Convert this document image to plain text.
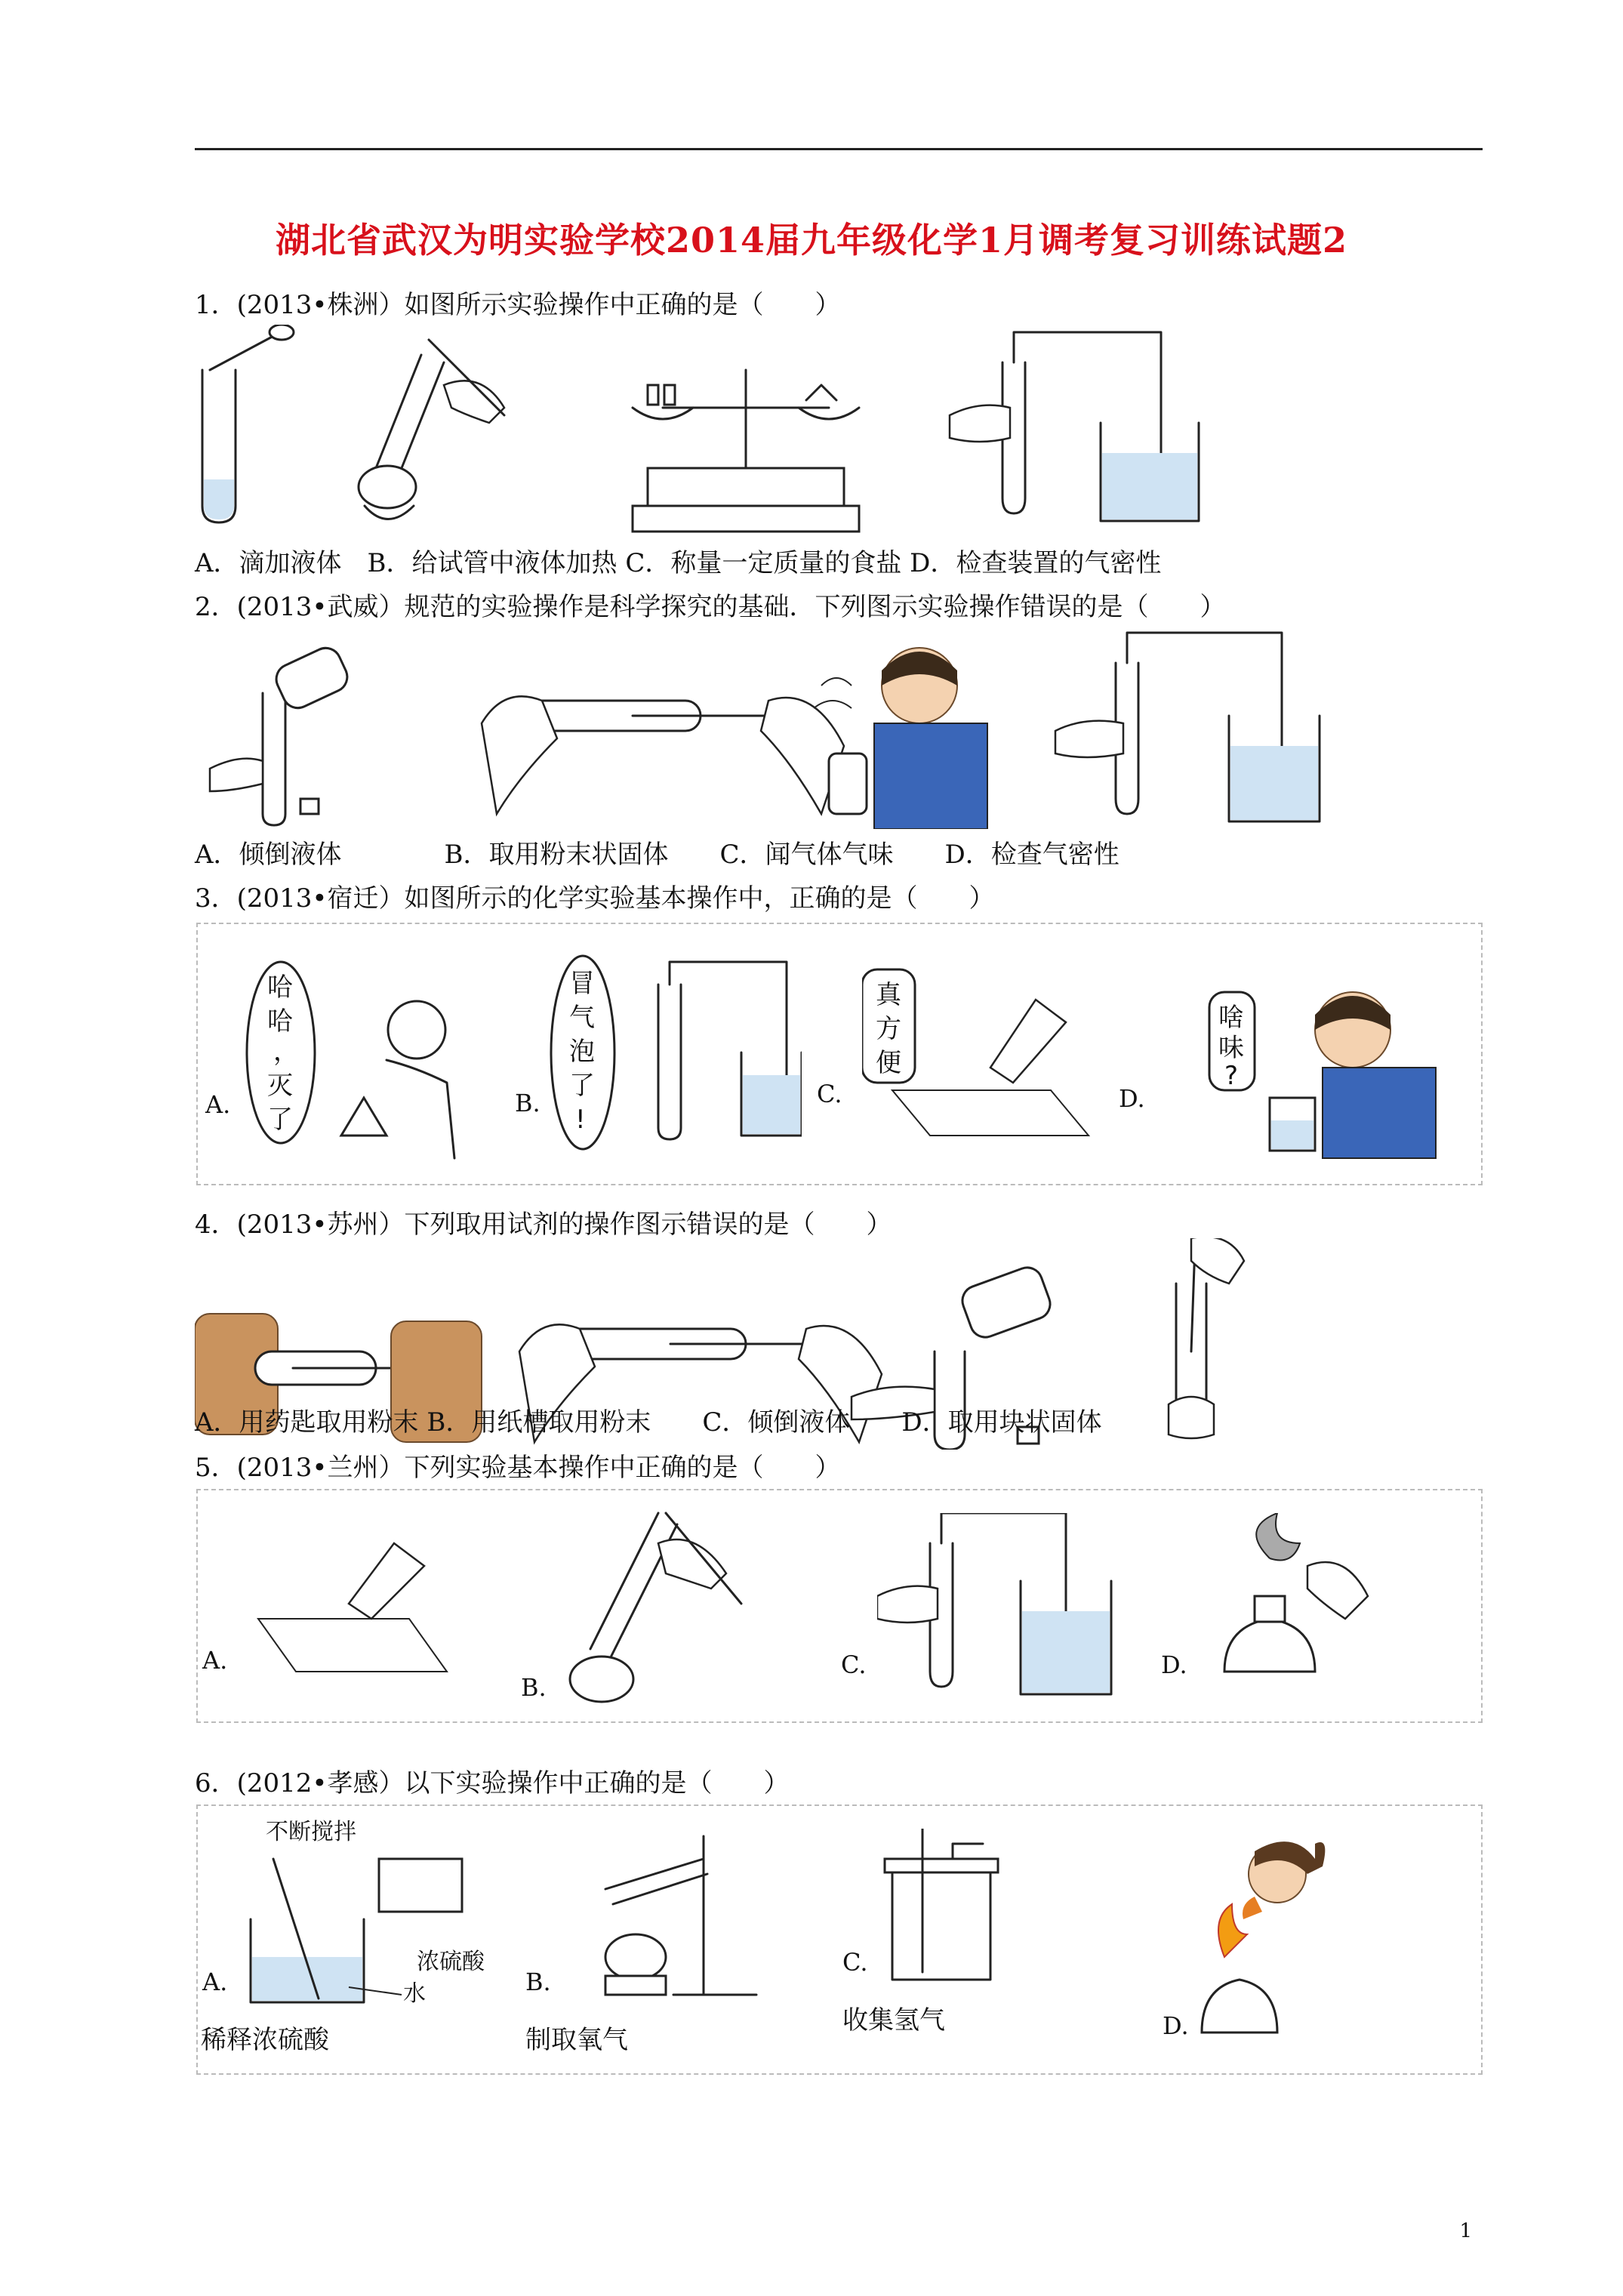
湖北省武汉为明实验学校2014届九年级化学1月调考复习训练试题2
1．(2013•株洲）如图所示实验操作中正确的是（　　）
A．滴加液体　B．给试管中液体加热 C．称量一定质量的食盐 D．检查装置的气密性
2．(2013•武威）规范的实验操作是科学探究的基础．下列图示实验操作错误的是（　　）
A．倾倒液体　　　　B．取用粉末状固体　　C．闻气体气味　　D．检查气密性
3．(2013•宿迁）如图所示的化学实验基本操作中，正确的是（　　）
A.	B.	C.	D.
哈
哈
，
灭
了
冒
气
泡
了
!
真
方
便
啥
味
?
4．(2013•苏州）下列取用试剂的操作图示错误的是（　　）
A．用药匙取用粉末 B．用纸槽取用粉末　　C．倾倒液体　　D．取用块状固体
5．(2013•兰州）下列实验基本操作中正确的是（　　）
A.
B.
C.	D.
6．(2012•孝感）以下实验操作中正确的是（　　）
A.	B.
C.
D.
稀释浓硫酸	制取氧气
收集氢气
不断搅拌
浓硫酸
水
1
